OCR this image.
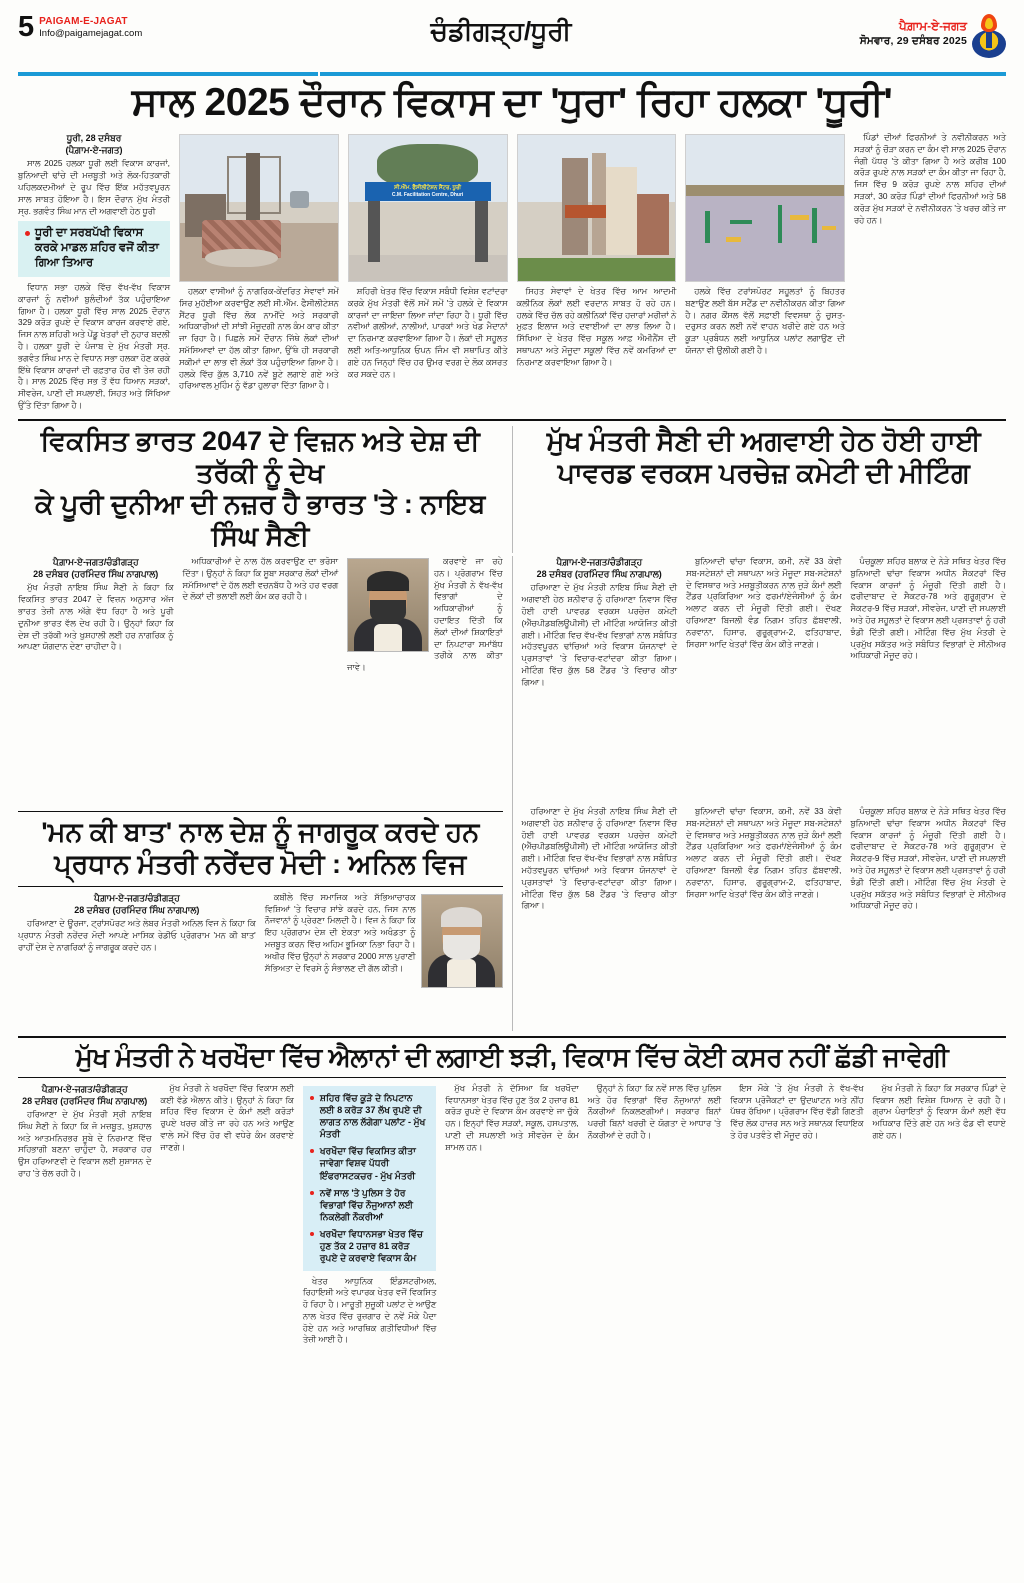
5 PAIGAM-E-JAGAT
Info@paigamejagat.com	ਚੰਡੀਗੜ੍ਹ/ਧੂਰੀ	ਪੈਗ਼ਾਮ-ਏ-ਜਗਤ
ਸੋਮਵਾਰ, 29 ਦਸੰਬਰ 2025
ਸਾਲ 2025 ਦੌਰਾਨ ਵਿਕਾਸ ਦਾ 'ਧੁਰਾ' ਰਿਹਾ ਹਲਕਾ 'ਧੂਰੀ'
ਧੂਰੀ, 28 ਦਸੰਬਰ
(ਪੈਗ਼ਾਮ-ਏ-ਜਗਤ)

ਸਾਲ 2025 ਹਲਕਾ ਧੂਰੀ ਲਈ ਵਿਕਾਸ ਕਾਰਜਾਂ, ਬੁਨਿਆਦੀ ਢਾਂਚੇ ਦੀ ਮਜ਼ਬੂਤੀ ਅਤੇ ਲੋਕ-ਹਿਤਕਾਰੀ ਪਹਿਲਕਦਮੀਆਂ ਦੇ ਰੂਪ ਵਿੱਚ ਇੱਕ ਮਹੱਤਵਪੂਰਨ ਸਾਲ ਸਾਬਤ ਹੋਇਆ ਹੈ। ਇਸ ਦੌਰਾਨ ਮੁੱਖ ਮੰਤਰੀ ਸ੍ਰ. ਭਗਵੰਤ ਸਿੰਘ ਮਾਨ ਦੀ ਅਗਵਾਈ ਹੇਠ ਧੂਰੀ

ਧੂਰੀ ਦਾ ਸਰਬਪੱਖੀ ਵਿਕਾਸ ਕਰਕੇ ਮਾਡਲ ਸ਼ਹਿਰ ਵਜੋਂ ਕੀਤਾ ਗਿਆ ਤਿਆਰ

ਵਿਧਾਨ ਸਭਾ ਹਲਕੇ ਵਿੱਚ ਵੱਖ-ਵੱਖ ਵਿਕਾਸ ਕਾਰਜਾਂ ਨੂੰ ਨਵੀਆਂ ਬੁਲੰਦੀਆਂ ਤੱਕ ਪਹੁੰਚਾਇਆ ਗਿਆ ਹੈ। ਹਲਕਾ ਧੂਰੀ ਵਿੱਚ ਸਾਲ 2025 ਦੌਰਾਨ 329 ਕਰੋੜ ਰੁਪਏ ਦੇ ਵਿਕਾਸ ਕਾਰਜ ਕਰਵਾਏ ਗਏ, ਜਿਸ ਨਾਲ ਸ਼ਹਿਰੀ ਅਤੇ ਪੇਂਡੂ ਖੇਤਰਾਂ ਦੀ ਨੁਹਾਰ ਬਦਲੀ ਹੈ। ਹਲਕਾ ਧੂਰੀ ਦੇ ਪੰਜਾਬ ਦੇ ਮੁੱਖ ਮੰਤਰੀ ਸ੍ਰ. ਭਗਵੰਤ ਸਿੰਘ ਮਾਨ ਦੇ ਵਿਧਾਨ ਸਭਾ ਹਲਕਾ ਹੋਣ ਕਰਕੇ ਇੱਥੇ ਵਿਕਾਸ ਕਾਰਜਾਂ ਦੀ ਰਫ਼ਤਾਰ ਹੋਰ ਵੀ ਤੇਜ਼ ਰਹੀ ਹੈ। ਸਾਲ 2025 ਵਿੱਚ ਸਭ ਤੋਂ ਵੱਧ ਧਿਆਨ ਸੜਕਾਂ, ਸੀਵਰੇਜ, ਪਾਣੀ ਦੀ ਸਪਲਾਈ, ਸਿਹਤ ਅਤੇ ਸਿੱਖਿਆ ਉੱਤੇ ਦਿੱਤਾ ਗਿਆ ਹੈ।

ਸੀ.ਐੱਮ. ਫੈਸੀਲੀਟੇਸ਼ਨ ਸੈਂਟਰ, ਧੂਰੀ
C.M. Facilitation Centre, Dhuri

ਹਲਕਾ ਵਾਸੀਆਂ ਨੂੰ ਨਾਗਰਿਕ-ਕੇਂਦਰਿਤ ਸੇਵਾਵਾਂ ਸਮੇਂ ਸਿਰ ਮੁਹੱਈਆ ਕਰਵਾਉਣ ਲਈ ਸੀ.ਐੱਮ. ਫੈਸੀਲੀਟੇਸ਼ਨ ਸੈਂਟਰ ਧੂਰੀ ਵਿੱਚ ਲੋਕ ਨਾਮੀਂਦੇ ਅਤੇ ਸਰਕਾਰੀ ਅਧਿਕਾਰੀਆਂ ਦੀ ਸਾਂਝੀ ਮੌਜੂਦਗੀ ਨਾਲ ਕੰਮ ਕਾਰ ਕੀਤਾ ਜਾ ਰਿਹਾ ਹੈ। ਪਿਛਲੇ ਸਮੇਂ ਦੌਰਾਨ ਜਿੱਥੇ ਲੋਕਾਂ ਦੀਆਂ ਸਮੱਸਿਆਵਾਂ ਦਾ ਹੱਲ ਕੀਤਾ ਗਿਆ, ਉੱਥੇ ਹੀ ਸਰਕਾਰੀ ਸਕੀਮਾਂ ਦਾ ਲਾਭ ਵੀ ਲੋਕਾਂ ਤੱਕ ਪਹੁੰਚਾਇਆ ਗਿਆ ਹੈ। ਹਲਕੇ ਵਿੱਚ ਕੁੱਲ 3,710 ਨਵੇਂ ਬੂਟੇ ਲਗਾਏ ਗਏ ਅਤੇ ਹਰਿਆਵਲ ਮੁਹਿੰਮ ਨੂੰ ਵੱਡਾ ਹੁਲਾਰਾ ਦਿੱਤਾ ਗਿਆ ਹੈ।

ਸ਼ਹਿਰੀ ਖੇਤਰ ਵਿੱਚ ਵਿਕਾਸ ਸਬੰਧੀ ਵਿਸ਼ੇਸ਼ ਵਟਾਂਦਰਾ ਕਰਕੇ ਮੁੱਖ ਮੰਤਰੀ ਵੱਲੋਂ ਸਮੇਂ ਸਮੇਂ 'ਤੇ ਹਲਕੇ ਦੇ ਵਿਕਾਸ ਕਾਰਜਾਂ ਦਾ ਜਾਇਜ਼ਾ ਲਿਆ ਜਾਂਦਾ ਰਿਹਾ ਹੈ। ਧੂਰੀ ਵਿੱਚ ਨਵੀਆਂ ਗਲੀਆਂ, ਨਾਲੀਆਂ, ਪਾਰਕਾਂ ਅਤੇ ਖੇਡ ਮੈਦਾਨਾਂ ਦਾ ਨਿਰਮਾਣ ਕਰਵਾਇਆ ਗਿਆ ਹੈ। ਲੋਕਾਂ ਦੀ ਸਹੂਲਤ ਲਈ ਅਤਿ-ਆਧੁਨਿਕ ਓਪਨ ਜਿੰਮ ਵੀ ਸਥਾਪਿਤ ਕੀਤੇ ਗਏ ਹਨ ਜਿਨ੍ਹਾਂ ਵਿੱਚ ਹਰ ਉਮਰ ਵਰਗ ਦੇ ਲੋਕ ਕਸਰਤ ਕਰ ਸਕਦੇ ਹਨ।

ਸਿਹਤ ਸੇਵਾਵਾਂ ਦੇ ਖੇਤਰ ਵਿੱਚ ਆਮ ਆਦਮੀ ਕਲੀਨਿਕ ਲੋਕਾਂ ਲਈ ਵਰਦਾਨ ਸਾਬਤ ਹੋ ਰਹੇ ਹਨ। ਹਲਕੇ ਵਿੱਚ ਚੱਲ ਰਹੇ ਕਲੀਨਿਕਾਂ ਵਿੱਚ ਹਜ਼ਾਰਾਂ ਮਰੀਜ਼ਾਂ ਨੇ ਮੁਫ਼ਤ ਇਲਾਜ ਅਤੇ ਦਵਾਈਆਂ ਦਾ ਲਾਭ ਲਿਆ ਹੈ। ਸਿੱਖਿਆ ਦੇ ਖੇਤਰ ਵਿੱਚ ਸਕੂਲ ਆਫ਼ ਐਮੀਨੈਂਸ ਦੀ ਸਥਾਪਨਾ ਅਤੇ ਮੌਜੂਦਾ ਸਕੂਲਾਂ ਵਿੱਚ ਨਵੇਂ ਕਮਰਿਆਂ ਦਾ ਨਿਰਮਾਣ ਕਰਵਾਇਆ ਗਿਆ ਹੈ।

ਹਲਕੇ ਵਿੱਚ ਟਰਾਂਸਪੋਰਟ ਸਹੂਲਤਾਂ ਨੂੰ ਬਿਹਤਰ ਬਣਾਉਣ ਲਈ ਬੱਸ ਸਟੈਂਡ ਦਾ ਨਵੀਨੀਕਰਨ ਕੀਤਾ ਗਿਆ ਹੈ। ਨਗਰ ਕੌਂਸਲ ਵੱਲੋਂ ਸਫ਼ਾਈ ਵਿਵਸਥਾ ਨੂੰ ਚੁਸਤ-ਦਰੁਸਤ ਕਰਨ ਲਈ ਨਵੇਂ ਵਾਹਨ ਖਰੀਦੇ ਗਏ ਹਨ ਅਤੇ ਕੂੜਾ ਪ੍ਰਬੰਧਨ ਲਈ ਆਧੁਨਿਕ ਪਲਾਂਟ ਲਗਾਉਣ ਦੀ ਯੋਜਨਾ ਵੀ ਉਲੀਕੀ ਗਈ ਹੈ।

ਪਿੰਡਾਂ ਦੀਆਂ ਫਿਰਨੀਆਂ ਤੇ ਨਵੀਨੀਕਰਨ ਅਤੇ ਸੜਕਾਂ ਨੂੰ ਚੌੜਾ ਕਰਨ ਦਾ ਕੰਮ ਵੀ ਸਾਲ 2025 ਦੌਰਾਨ ਜੰਗੀ ਪੱਧਰ 'ਤੇ ਕੀਤਾ ਗਿਆ ਹੈ ਅਤੇ ਕਰੀਬ 100 ਕਰੋੜ ਰੁਪਏ ਨਾਲ ਸੜਕਾਂ ਦਾ ਕੰਮ ਕੀਤਾ ਜਾ ਰਿਹਾ ਹੈ, ਜਿਸ ਵਿੱਚ 9 ਕਰੋੜ ਰੁਪਏ ਨਾਲ ਸ਼ਹਿਰ ਦੀਆਂ ਸੜਕਾਂ, 30 ਕਰੋੜ ਪਿੰਡਾਂ ਦੀਆਂ ਫਿਰਨੀਆਂ ਅਤੇ 58 ਕਰੋੜ ਮੁੱਖ ਸੜਕਾਂ ਦੇ ਨਵੀਨੀਕਰਨ 'ਤੇ ਖਰਚ ਕੀਤੇ ਜਾ ਰਹੇ ਹਨ।

ਵਿਕਸਿਤ ਭਾਰਤ 2047 ਦੇ ਵਿਜ਼ਨ ਅਤੇ ਦੇਸ਼ ਦੀ ਤਰੱਕੀ ਨੂੰ ਦੇਖ
ਕੇ ਪੂਰੀ ਦੁਨੀਆ ਦੀ ਨਜ਼ਰ ਹੈ ਭਾਰਤ 'ਤੇ : ਨਾਇਬ ਸਿੰਘ ਸੈਣੀ
ਮੁੱਖ ਮੰਤਰੀ ਸੈਣੀ ਦੀ ਅਗਵਾਈ ਹੇਠ ਹੋਈ ਹਾਈ
ਪਾਵਰਡ ਵਰਕਸ ਪਰਚੇਜ਼ ਕਮੇਟੀ ਦੀ ਮੀਟਿੰਗ
ਪੈਗ਼ਾਮ-ਏ-ਜਗਤ/ਚੰਡੀਗੜ੍ਹ
28 ਦਸੰਬਰ (ਹਰਮਿੰਦਰ ਸਿੰਘ ਨਾਗਪਾਲ)

ਮੁੱਖ ਮੰਤਰੀ ਨਾਇਬ ਸਿੰਘ ਸੈਣੀ ਨੇ ਕਿਹਾ ਕਿ ਵਿਕਸਿਤ ਭਾਰਤ 2047 ਦੇ ਵਿਜ਼ਨ ਅਨੁਸਾਰ ਅੱਜ ਭਾਰਤ ਤੇਜ਼ੀ ਨਾਲ ਅੱਗੇ ਵੱਧ ਰਿਹਾ ਹੈ ਅਤੇ ਪੂਰੀ ਦੁਨੀਆ ਭਾਰਤ ਵੱਲ ਦੇਖ ਰਹੀ ਹੈ। ਉਨ੍ਹਾਂ ਕਿਹਾ ਕਿ ਦੇਸ਼ ਦੀ ਤਰੱਕੀ ਅਤੇ ਖੁਸ਼ਹਾਲੀ ਲਈ ਹਰ ਨਾਗਰਿਕ ਨੂੰ ਆਪਣਾ ਯੋਗਦਾਨ ਦੇਣਾ ਚਾਹੀਦਾ ਹੈ।

ਅਧਿਕਾਰੀਆਂ ਦੇ ਨਾਲ ਹੱਲ ਕਰਵਾਉਣ ਦਾ ਭਰੋਸਾ ਦਿੱਤਾ। ਉਨ੍ਹਾਂ ਨੇ ਕਿਹਾ ਕਿ ਸੂਬਾ ਸਰਕਾਰ ਲੋਕਾਂ ਦੀਆਂ ਸਮੱਸਿਆਵਾਂ ਦੇ ਹੱਲ ਲਈ ਵਚਨਬੱਧ ਹੈ ਅਤੇ ਹਰ ਵਰਗ ਦੇ ਲੋਕਾਂ ਦੀ ਭਲਾਈ ਲਈ ਕੰਮ ਕਰ ਰਹੀ ਹੈ।

ਕਰਵਾਏ ਜਾ ਰਹੇ ਹਨ। ਪ੍ਰੋਗਰਾਮ ਵਿੱਚ ਮੁੱਖ ਮੰਤਰੀ ਨੇ ਵੱਖ-ਵੱਖ ਵਿਭਾਗਾਂ ਦੇ ਅਧਿਕਾਰੀਆਂ ਨੂੰ ਹਦਾਇਤ ਦਿੱਤੀ ਕਿ ਲੋਕਾਂ ਦੀਆਂ ਸ਼ਿਕਾਇਤਾਂ ਦਾ ਨਿਪਟਾਰਾ ਸਮਾਂਬੱਧ ਤਰੀਕੇ ਨਾਲ ਕੀਤਾ ਜਾਵੇ।

ਪੈਗ਼ਾਮ-ਏ-ਜਗਤ/ਚੰਡੀਗੜ੍ਹ
28 ਦਸੰਬਰ (ਹਰਮਿੰਦਰ ਸਿੰਘ ਨਾਗਪਾਲ)

ਹਰਿਆਣਾ ਦੇ ਮੁੱਖ ਮੰਤਰੀ ਨਾਇਬ ਸਿੰਘ ਸੈਣੀ ਦੀ ਅਗਵਾਈ ਹੇਠ ਸ਼ਨੀਵਾਰ ਨੂੰ ਹਰਿਆਣਾ ਨਿਵਾਸ ਵਿੱਚ ਹੋਈ ਹਾਈ ਪਾਵਰਡ ਵਰਕਸ ਪਰਚੇਜ਼ ਕਮੇਟੀ (ਐੱਚਪੀਡਬਲਿਊਪੀਸੀ) ਦੀ ਮੀਟਿੰਗ ਆਯੋਜਿਤ ਕੀਤੀ ਗਈ। ਮੀਟਿੰਗ ਵਿਚ ਵੱਖ-ਵੱਖ ਵਿਭਾਗਾਂ ਨਾਲ ਸਬੰਧਿਤ ਮਹੱਤਵਪੂਰਨ ਢਾਂਚਿਆਂ ਅਤੇ ਵਿਕਾਸ ਯੋਜਨਾਵਾਂ ਦੇ ਪ੍ਰਸਤਾਵਾਂ 'ਤੇ ਵਿਚਾਰ-ਵਟਾਂਦਰਾ ਕੀਤਾ ਗਿਆ। ਮੀਟਿੰਗ ਵਿੱਚ ਕੁੱਲ 58 ਟੈਂਡਰ 'ਤੇ ਵਿਚਾਰ ਕੀਤਾ ਗਿਆ।

ਬੁਨਿਆਦੀ ਢਾਂਚਾ ਵਿਕਾਸ, ਕਮੀ, ਨਵੇਂ 33 ਕੇਵੀ ਸਬ-ਸਟੇਸ਼ਨਾਂ ਦੀ ਸਥਾਪਨਾ ਅਤੇ ਮੌਜੂਦਾ ਸਬ-ਸਟੇਸ਼ਨਾਂ ਦੇ ਵਿਸਥਾਰ ਅਤੇ ਮਜ਼ਬੂਤੀਕਰਨ ਨਾਲ ਜੁੜੇ ਕੰਮਾਂ ਲਈ ਟੈਂਡਰ ਪ੍ਰਕਿਰਿਆ ਅਤੇ ਫਰਮਾਂ/ਏਜੰਸੀਆਂ ਨੂੰ ਕੰਮ ਅਲਾਟ ਕਰਨ ਦੀ ਮੰਜ਼ੂਰੀ ਦਿੱਤੀ ਗਈ। ਦੱਖਣ ਹਰਿਆਣਾ ਬਿਜਲੀ ਵੰਡ ਨਿਗਮ ਤਹਿਤ ਛੱਬਵਾਲੀ, ਨਰਵਾਨਾ, ਹਿਸਾਰ, ਗੁਰੂਗ੍ਰਾਮ-2, ਫਤਿਹਾਬਾਦ, ਸਿਰਸਾ ਆਦਿ ਖੇਤਰਾਂ ਵਿੱਚ ਕੰਮ ਕੀਤੇ ਜਾਣਗੇ।

ਪੰਚਕੂਲਾ ਸ਼ਹਿਰ ਬਲਾਕ ਦੇ ਨੇੜੇ ਸਥਿਤ ਖੇਤਰ ਵਿੱਚ ਬੁਨਿਆਦੀ ਢਾਂਚਾ ਵਿਕਾਸ ਅਧੀਨ ਸੈਕਟਰਾਂ ਵਿੱਚ ਵਿਕਾਸ ਕਾਰਜਾਂ ਨੂੰ ਮੰਜ਼ੂਰੀ ਦਿੱਤੀ ਗਈ ਹੈ। ਫਰੀਦਾਬਾਦ ਦੇ ਸੈਕਟਰ-78 ਅਤੇ ਗੁਰੂਗ੍ਰਾਮ ਦੇ ਸੈਕਟਰ-9 ਵਿੱਚ ਸੜਕਾਂ, ਸੀਵਰੇਜ, ਪਾਣੀ ਦੀ ਸਪਲਾਈ ਅਤੇ ਹੋਰ ਸਹੂਲਤਾਂ ਦੇ ਵਿਕਾਸ ਲਈ ਪ੍ਰਸਤਾਵਾਂ ਨੂੰ ਹਰੀ ਝੰਡੀ ਦਿੱਤੀ ਗਈ। ਮੀਟਿੰਗ ਵਿੱਚ ਮੁੱਖ ਮੰਤਰੀ ਦੇ ਪ੍ਰਮੁੱਖ ਸਕੱਤਰ ਅਤੇ ਸਬੰਧਿਤ ਵਿਭਾਗਾਂ ਦੇ ਸੀਨੀਅਰ ਅਧਿਕਾਰੀ ਮੌਜੂਦ ਰਹੇ।

'ਮਨ ਕੀ ਬਾਤ' ਨਾਲ ਦੇਸ਼ ਨੂੰ ਜਾਗਰੂਕ ਕਰਦੇ ਹਨ
ਪ੍ਰਧਾਨ ਮੰਤਰੀ ਨਰੇਂਦਰ ਮੋਦੀ : ਅਨਿਲ ਵਿਜ
ਪੈਗ਼ਾਮ-ਏ-ਜਗਤ/ਚੰਡੀਗੜ੍ਹ
28 ਦਸੰਬਰ (ਹਰਮਿੰਦਰ ਸਿੰਘ ਨਾਗਪਾਲ)

ਹਰਿਆਣਾ ਦੇ ਊਰਜਾ, ਟ੍ਰਾਂਸਪੋਰਟ ਅਤੇ ਲੇਬਰ ਮੰਤਰੀ ਅਨਿਲ ਵਿਜ ਨੇ ਕਿਹਾ ਕਿ ਪ੍ਰਧਾਨ ਮੰਤਰੀ ਨਰੇਂਦਰ ਮੋਦੀ ਆਪਣੇ ਮਾਸਿਕ ਰੇਡੀਓ ਪ੍ਰੋਗਰਾਮ 'ਮਨ ਕੀ ਬਾਤ' ਰਾਹੀਂ ਦੇਸ਼ ਦੇ ਨਾਗਰਿਕਾਂ ਨੂੰ ਜਾਗਰੂਕ ਕਰਦੇ ਹਨ।

ਕਬੀਲੇ ਵਿੱਚ ਸਮਾਜਿਕ ਅਤੇ ਸੱਭਿਆਚਾਰਕ ਵਿਸ਼ਿਆਂ 'ਤੇ ਵਿਚਾਰ ਸਾਂਝੇ ਕਰਦੇ ਹਨ, ਜਿਸ ਨਾਲ ਨੌਜਵਾਨਾਂ ਨੂੰ ਪ੍ਰੇਰਣਾ ਮਿਲਦੀ ਹੈ। ਵਿਜ ਨੇ ਕਿਹਾ ਕਿ ਇਹ ਪ੍ਰੋਗਰਾਮ ਦੇਸ਼ ਦੀ ਏਕਤਾ ਅਤੇ ਅਖੰਡਤਾ ਨੂੰ ਮਜ਼ਬੂਤ ਕਰਨ ਵਿੱਚ ਅਹਿਮ ਭੂਮਿਕਾ ਨਿਭਾ ਰਿਹਾ ਹੈ। ਅਖੀਰ ਵਿੱਚ ਉਨ੍ਹਾਂ ਨੇ ਸਰਕਾਰ 2000 ਸਾਲ ਪੁਰਾਣੀ ਸੱਭਿਅਤਾ ਦੇ ਵਿਰਸੇ ਨੂੰ ਸੰਭਾਲਣ ਦੀ ਗੱਲ ਕੀਤੀ।

ਹਰਿਆਣਾ ਦੇ ਮੁੱਖ ਮੰਤਰੀ ਨਾਇਬ ਸਿੰਘ ਸੈਣੀ ਦੀ ਅਗਵਾਈ ਹੇਠ ਸ਼ਨੀਵਾਰ ਨੂੰ ਹਰਿਆਣਾ ਨਿਵਾਸ ਵਿੱਚ ਹੋਈ ਹਾਈ ਪਾਵਰਡ ਵਰਕਸ ਪਰਚੇਜ਼ ਕਮੇਟੀ (ਐੱਚਪੀਡਬਲਿਊਪੀਸੀ) ਦੀ ਮੀਟਿੰਗ ਆਯੋਜਿਤ ਕੀਤੀ ਗਈ। ਮੀਟਿੰਗ ਵਿਚ ਵੱਖ-ਵੱਖ ਵਿਭਾਗਾਂ ਨਾਲ ਸਬੰਧਿਤ ਮਹੱਤਵਪੂਰਨ ਢਾਂਚਿਆਂ ਅਤੇ ਵਿਕਾਸ ਯੋਜਨਾਵਾਂ ਦੇ ਪ੍ਰਸਤਾਵਾਂ 'ਤੇ ਵਿਚਾਰ-ਵਟਾਂਦਰਾ ਕੀਤਾ ਗਿਆ। ਮੀਟਿੰਗ ਵਿੱਚ ਕੁੱਲ 58 ਟੈਂਡਰ 'ਤੇ ਵਿਚਾਰ ਕੀਤਾ ਗਿਆ।

ਬੁਨਿਆਦੀ ਢਾਂਚਾ ਵਿਕਾਸ, ਕਮੀ, ਨਵੇਂ 33 ਕੇਵੀ ਸਬ-ਸਟੇਸ਼ਨਾਂ ਦੀ ਸਥਾਪਨਾ ਅਤੇ ਮੌਜੂਦਾ ਸਬ-ਸਟੇਸ਼ਨਾਂ ਦੇ ਵਿਸਥਾਰ ਅਤੇ ਮਜ਼ਬੂਤੀਕਰਨ ਨਾਲ ਜੁੜੇ ਕੰਮਾਂ ਲਈ ਟੈਂਡਰ ਪ੍ਰਕਿਰਿਆ ਅਤੇ ਫਰਮਾਂ/ਏਜੰਸੀਆਂ ਨੂੰ ਕੰਮ ਅਲਾਟ ਕਰਨ ਦੀ ਮੰਜ਼ੂਰੀ ਦਿੱਤੀ ਗਈ। ਦੱਖਣ ਹਰਿਆਣਾ ਬਿਜਲੀ ਵੰਡ ਨਿਗਮ ਤਹਿਤ ਛੱਬਵਾਲੀ, ਨਰਵਾਨਾ, ਹਿਸਾਰ, ਗੁਰੂਗ੍ਰਾਮ-2, ਫਤਿਹਾਬਾਦ, ਸਿਰਸਾ ਆਦਿ ਖੇਤਰਾਂ ਵਿੱਚ ਕੰਮ ਕੀਤੇ ਜਾਣਗੇ।

ਪੰਚਕੂਲਾ ਸ਼ਹਿਰ ਬਲਾਕ ਦੇ ਨੇੜੇ ਸਥਿਤ ਖੇਤਰ ਵਿੱਚ ਬੁਨਿਆਦੀ ਢਾਂਚਾ ਵਿਕਾਸ ਅਧੀਨ ਸੈਕਟਰਾਂ ਵਿੱਚ ਵਿਕਾਸ ਕਾਰਜਾਂ ਨੂੰ ਮੰਜ਼ੂਰੀ ਦਿੱਤੀ ਗਈ ਹੈ। ਫਰੀਦਾਬਾਦ ਦੇ ਸੈਕਟਰ-78 ਅਤੇ ਗੁਰੂਗ੍ਰਾਮ ਦੇ ਸੈਕਟਰ-9 ਵਿੱਚ ਸੜਕਾਂ, ਸੀਵਰੇਜ, ਪਾਣੀ ਦੀ ਸਪਲਾਈ ਅਤੇ ਹੋਰ ਸਹੂਲਤਾਂ ਦੇ ਵਿਕਾਸ ਲਈ ਪ੍ਰਸਤਾਵਾਂ ਨੂੰ ਹਰੀ ਝੰਡੀ ਦਿੱਤੀ ਗਈ। ਮੀਟਿੰਗ ਵਿੱਚ ਮੁੱਖ ਮੰਤਰੀ ਦੇ ਪ੍ਰਮੁੱਖ ਸਕੱਤਰ ਅਤੇ ਸਬੰਧਿਤ ਵਿਭਾਗਾਂ ਦੇ ਸੀਨੀਅਰ ਅਧਿਕਾਰੀ ਮੌਜੂਦ ਰਹੇ।

ਮੁੱਖ ਮੰਤਰੀ ਨੇ ਖਰਖੌਦਾ ਵਿੱਚ ਐਲਾਨਾਂ ਦੀ ਲਗਾਈ ਝੜੀ, ਵਿਕਾਸ ਵਿੱਚ ਕੋਈ ਕਸਰ ਨਹੀਂ ਛੱਡੀ ਜਾਵੇਗੀ
ਪੈਗ਼ਾਮ-ਏ-ਜਗਤ/ਚੰਡੀਗੜ੍ਹ
28 ਦਸੰਬਰ (ਹਰਮਿੰਦਰ ਸਿੰਘ ਨਾਗਪਾਲ)

ਹਰਿਆਣਾ ਦੇ ਮੁੱਖ ਮੰਤਰੀ ਸ੍ਰੀ ਨਾਇਬ ਸਿੰਘ ਸੈਣੀ ਨੇ ਕਿਹਾ ਕਿ ਜੋ ਮਜ਼ਬੂਤ, ਖੁਸ਼ਹਾਲ ਅਤੇ ਆਤਮਨਿਰਭਰ ਸੂਬੇ ਦੇ ਨਿਰਮਾਣ ਵਿੱਚ ਸਹਿਭਾਗੀ ਬਣਨਾ ਚਾਹੁੰਦਾ ਹੈ, ਸਰਕਾਰ ਹਰ ਉਸ ਹਰਿਆਣਵੀ ਦੇ ਵਿਕਾਸ ਲਈ ਸੁਸ਼ਾਸਨ ਦੇ ਰਾਹ 'ਤੇ ਚੱਲ ਰਹੀ ਹੈ।

ਮੁੱਖ ਮੰਤਰੀ ਨੇ ਖਰਖੌਦਾ ਵਿੱਚ ਵਿਕਾਸ ਲਈ ਕਈ ਵੱਡੇ ਐਲਾਨ ਕੀਤੇ। ਉਨ੍ਹਾਂ ਨੇ ਕਿਹਾ ਕਿ ਸ਼ਹਿਰ ਵਿੱਚ ਵਿਕਾਸ ਦੇ ਕੰਮਾਂ ਲਈ ਕਰੋੜਾਂ ਰੁਪਏ ਖਰਚ ਕੀਤੇ ਜਾ ਰਹੇ ਹਨ ਅਤੇ ਆਉਣ ਵਾਲੇ ਸਮੇਂ ਵਿੱਚ ਹੋਰ ਵੀ ਵਧੇਰੇ ਕੰਮ ਕਰਵਾਏ ਜਾਣਗੇ।

ਸ਼ਹਿਰ ਵਿੱਚ ਕੂੜੇ ਦੇ ਨਿਪਟਾਨ ਲਈ 8 ਕਰੋੜ 37 ਲੱਖ ਰੁਪਏ ਦੀ ਲਾਗਤ ਨਾਲ ਲੱਗੇਗਾ ਪਲਾਂਟ - ਮੁੱਖ ਮੰਤਰੀ
ਖਰਖੌਦਾ ਵਿੱਚ ਵਿਕਸਿਤ ਕੀਤਾ ਜਾਵੇਗਾ ਵਿਸ਼ਵ ਪੱਧਰੀ ਇੰਫਰਾਸਟਕਚਰ - ਮੁੱਖ ਮੰਤਰੀ
ਨਵੇਂ ਸਾਲ 'ਤੇ ਪੁਲਿਸ ਤੇ ਹੋਰ ਵਿਭਾਗਾਂ ਵਿੱਚ ਨੌਜੁਆਨਾਂ ਲਈ ਨਿਕਲੇਗੀ ਨੌਕਰੀਆਂ
ਖਰਖੌਦਾ ਵਿਧਾਨਸਭਾ ਖੇਤਰ ਵਿੱਚ ਹੁਣ ਤੱਕ 2 ਹਜ਼ਾਰ 81 ਕਰੋੜ ਰੁਪਏ ਦੇ ਕਰਵਾਏ ਵਿਕਾਸ ਕੰਮ

ਖੇਤਰ ਆਧੁਨਿਕ ਇੰਡਸਟਰੀਅਲ, ਰਿਹਾਇਸ਼ੀ ਅਤੇ ਵਪਾਰਕ ਖੇਤਰ ਵਜੋਂ ਵਿਕਸਿਤ ਹੋ ਰਿਹਾ ਹੈ। ਮਾਰੂਤੀ ਸੁਜ਼ੂਕੀ ਪਲਾਂਟ ਦੇ ਆਉਣ ਨਾਲ ਖੇਤਰ ਵਿੱਚ ਰੁਜ਼ਗਾਰ ਦੇ ਨਵੇਂ ਮੌਕੇ ਪੈਦਾ ਹੋਏ ਹਨ ਅਤੇ ਆਰਥਿਕ ਗਤੀਵਿਧੀਆਂ ਵਿੱਚ ਤੇਜ਼ੀ ਆਈ ਹੈ।

ਮੁੱਖ ਮੰਤਰੀ ਨੇ ਦੱਸਿਆ ਕਿ ਖਰਖੌਦਾ ਵਿਧਾਨਸਭਾ ਖੇਤਰ ਵਿੱਚ ਹੁਣ ਤੱਕ 2 ਹਜ਼ਾਰ 81 ਕਰੋੜ ਰੁਪਏ ਦੇ ਵਿਕਾਸ ਕੰਮ ਕਰਵਾਏ ਜਾ ਚੁੱਕੇ ਹਨ। ਇਨ੍ਹਾਂ ਵਿੱਚ ਸੜਕਾਂ, ਸਕੂਲ, ਹਸਪਤਾਲ, ਪਾਣੀ ਦੀ ਸਪਲਾਈ ਅਤੇ ਸੀਵਰੇਜ ਦੇ ਕੰਮ ਸ਼ਾਮਲ ਹਨ।

ਉਨ੍ਹਾਂ ਨੇ ਕਿਹਾ ਕਿ ਨਵੇਂ ਸਾਲ ਵਿੱਚ ਪੁਲਿਸ ਅਤੇ ਹੋਰ ਵਿਭਾਗਾਂ ਵਿੱਚ ਨੌਜੁਆਨਾਂ ਲਈ ਨੌਕਰੀਆਂ ਨਿਕਲਣਗੀਆਂ। ਸਰਕਾਰ ਬਿਨਾਂ ਪਰਚੀ ਬਿਨਾਂ ਖਰਚੀ ਦੇ ਯੋਗਤਾ ਦੇ ਆਧਾਰ 'ਤੇ ਨੌਕਰੀਆਂ ਦੇ ਰਹੀ ਹੈ।

ਇਸ ਮੌਕੇ 'ਤੇ ਮੁੱਖ ਮੰਤਰੀ ਨੇ ਵੱਖ-ਵੱਖ ਵਿਕਾਸ ਪ੍ਰੋਜੈਕਟਾਂ ਦਾ ਉਦਘਾਟਨ ਅਤੇ ਨੀਂਹ ਪੱਥਰ ਰੱਖਿਆ। ਪ੍ਰੋਗਰਾਮ ਵਿੱਚ ਵੱਡੀ ਗਿਣਤੀ ਵਿੱਚ ਲੋਕ ਹਾਜ਼ਰ ਸਨ ਅਤੇ ਸਥਾਨਕ ਵਿਧਾਇਕ ਤੇ ਹੋਰ ਪਤਵੰਤੇ ਵੀ ਮੌਜੂਦ ਰਹੇ।

ਮੁੱਖ ਮੰਤਰੀ ਨੇ ਕਿਹਾ ਕਿ ਸਰਕਾਰ ਪਿੰਡਾਂ ਦੇ ਵਿਕਾਸ ਲਈ ਵਿਸ਼ੇਸ਼ ਧਿਆਨ ਦੇ ਰਹੀ ਹੈ। ਗ੍ਰਾਮ ਪੰਚਾਇਤਾਂ ਨੂੰ ਵਿਕਾਸ ਕੰਮਾਂ ਲਈ ਵੱਧ ਅਧਿਕਾਰ ਦਿੱਤੇ ਗਏ ਹਨ ਅਤੇ ਫੰਡ ਵੀ ਵਧਾਏ ਗਏ ਹਨ।
